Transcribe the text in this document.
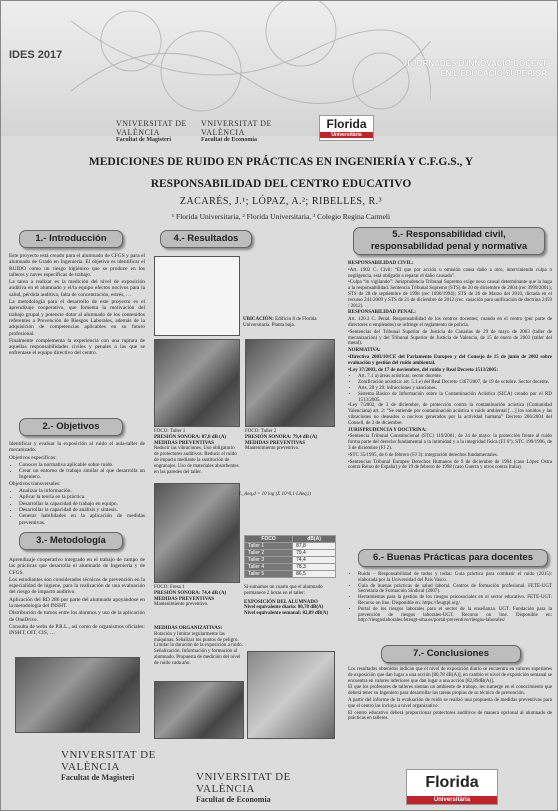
IDES 2017
VI JORNADES D'INNOVACIÓ DOCENT EN L'EDUCACIÓ SUPERIOR
VNIVERSITAT DE VALÈNCIA
Facultat de Magisteri
VNIVERSITAT DE VALÈNCIA
Facultat de Economia
Florida
Universitària
MEDICIONES DE RUIDO EN PRÁCTICAS EN INGENIERÍA Y C.F.G.S., Y RESPONSABILIDAD DEL CENTRO EDUCATIVO
ZACARÉS, J.¹; LÓPAZ, A.²; RIBELLES, R.³
¹ Florida Universitaria, ² Florida Universitaria, ³ Colegio Regina Carmeli
1.- Introducción

Este proyecto está creado para el alumnado de CFGS y para el alumnado de Grado en Ingeniería. El objetivo es identificar el RUIDO como un riesgo higiénico que se produce en los talleres y naves específicas de trabajo.

La tarea a realizar es la medición del nivel de exposición auditiva en el alumnado y el/la equipo efectos nocivos para la salud, pérdida auditiva, falta de concentración, estrés, …

La metodología para el desarrollo de este proyecto es el aprendizaje cooperativo, que fomenta la motivación del trabajo grupal y potencie dotar al alumnado de los contenidos referentes a Prevención de Riesgos Laborales, además de la adquisición de competencias aplicables en su futuro profesional.

Finalmente complementa la experiencia con una ruptura de aquellas responsabilidades civiles y penales a las que se enfrentase el equipo directivo del centro.

2.- Objetivos

Identificar y evaluar la exposición al ruido el aula-taller de mecanizado.

Objetivos específicos:

• Conocer la normativa aplicable sobre ruido.
• Crear un entorno de trabajo similar al que desarrolla un Ingeniero.

Objetivos transversales:

• Analizar la información.
• Aplicar la teoría en la práctica.
• Desarrollar la capacidad de trabajo en equipo.
• Desarrollar la capacidad de análisis y síntesis.
• Generar habilidades en la aplicación de medidas preventivas.
3.- Metodología

Aprendizaje cooperativo integrado en el trabajo de campo de las prácticas que desarrolla el alumnado de Ingeniería y de CFGS.

Los estudiantes son considerados técnicos de prevención en la especialidad de higiene, para la realización de una evaluación del riesgo de impacto auditivo.

Aplicación del RD 286 por parte del alumnado apoyándose en la metodología del INSHT.

Distribución de turnos entre los alumnos y uso de la aplicación de OneDrive.

Consulta de webs de P.R.L., así como de organismos oficiales: INSHT, OIT, CIS, …

4.- Resultados
UBICACIÓN: Edificio 8 de Florida Universitaria. Planta baja.
FOCO: Taller 1
PRESIÓN SONORA: 87,8 dB (A)
MEDIDAS PREVENTIVAS
Reducir las vibraciones. Uso obligatorio de protectores auditivos. Reducir el ruido de impacto mediante la sustitución de engranajes. Uso de materiales absorbentes en las paredes del taller.
FOCO: Taller 2
PRESIÓN SONORA: 79,4 dB (A)
MEDIDAS PREVENTIVAS
Mantenimiento preventivo.
FOCO	dB(A)
Taller 1	87,8
Taller 2	79,4
Taller 3	74,4
Taller 4	78,3
Taller 5	86,5
L_Aeq,d = 10 log (Σ 10^0,1·LAeq,i)
FOCO: Fresa 1
PRESIÓN SONORA: 74,4 dB (A)
MEDIDAS PREVENTIVAS
Mantenimiento preventivo.
Si sumamos un cuarto que el alumnado permanece 2 horas en el taller:
EXPOSICIÓN DEL ALUMNADO
Nivel equivalente diario: 80,78 dB(A)
Nivel equivalente semanal: 82,89 dB(A)
MEDIDAS ORGANIZATIVAS:
Rotación y limitar regularmente las máquinas. Señalizar los puntos de peligro. Limitar la duración de la exposición a ruido. Señalización. Información y formación al alumnado. Propuesta de medición del nivel de ruido cada año.
5.- Responsabilidad civil, responsabilidad penal y normativa

RESPONSABILIDAD CIVIL:

•Art. 1902 C. Civil: “El que por acción u omisión causa daño a otro, interviniendo culpa o negligencia, está obligado a reparar el daño causado”.

•Culpa “in vigilando”: Jurisprudencia Tribunal Supremo exige nexo causal determinante que la haga a la responsabilidad. Sentencia Tribunal Supremo (STS) de 20 de diciembre de 2004 (rec 3999/2001); STS de 28 de septiembre de 1998 (rec 1690/1994); STS de 26 de Marzo del 2010, dictada en el recurso 241/2009 y STS de 21 de diciembre de 2012 (rec. casación para unificación de doctrina 2459 / 2012).

RESPONSABILIDAD PENAL:

Art. 120.3 C. Penal. Responsabilidad de los centros docentes; cuando en el centro (por parte de directores o empleados) se infringe el reglamento de policía.

•Sentencias del Tribunal Superior de Justicia de Canarias de 29 de mayo de 2003 (taller de mecanización) y del Tribunal Superior de Justicia de Valencia, de 15 de enero de 2003 (taller del metal).

NORMATIVA:

•Directiva 2003/10/CE del Parlamento Europeo y del Consejo de 15 de junio de 2002 sobre evaluación y gestión del ruido ambiental.

•Ley 37/2003, de 17 de noviembre, del ruido y Real Decreto 1513/2005:

• Art. 7.1 a) áreas acústicas: sector docente.
• Zonificación acústica: art. 5.1.e) del Real Decreto 1367/2007, de 19 de octubre. Sector docente.
• Arts. 28 y 29: infracciones y sanciones.
• Sistema Básico de Información sobre la Contaminación Acústica (SICA) creado por el RD 1513/2005.

•Ley 7/2002, de 3 de diciembre, de protección contra la contaminación acústica (Comunidad Valenciana) art. 2: “Se entiende por contaminación acústica o ruido ambiental […] los sonidos y las vibraciones no deseados o nocivos generados por la actividad humana” Decreto 266/2004 del Consell, de 3 de diciembre.

JURISPRUDENCIA Y DOCTRINA:

•Sentencia Tribunal Constitucional (STC) 119/2001, de 24 de mayo: la protección frente al ruido forma parte del derecho fundamental a la intimidad y a la integridad física (FJ 6º); STC 199/1996, de 3 de diciembre (FJ 2).

•STC 35/1995, de 6 de febrero (FJ 3): integración derechos fundamentales.

•Sentencias Tribunal Europeo Derechos Humanos de 9 de diciembre de 1994 (caso López Ostra contra Reino de España) y de 19 de febrero de 1998 (caso Guerra y otros contra Italia).

6.- Buenas Prácticas para docentes
• Ruido – Responsabilidad de todos y todas: Guía práctica para combatir el ruido (2015): elaborada por la Universidad del País Vasco.
• Guía de buenas prácticas de salud laboral. Centros de formación profesional. FETE-UGT Secretaría de Formación Sindical (2007).
• Herramientas para la gestión de los riesgos psicosociales en el sector educativo. FETE-UGT. Recurso on line. Disponible en: https://feugtpl.org/.
• Portal de los riesgos laborales para el sector de la enseñanza. UGT. Fundación para la prevención de riesgos laborales-UGT. Recurso on line. Disponible en: http://riesgoslaborales.feteugt-sma.es/portal-preventivo/riesgos-laborales/
7.- Conclusiones

Los resultados obtenidos indican que el nivel de exposición diario se encuentra en valores superiores de exposición que dan lugar a una acción [80,78 dB(A)], en cambio el nivel de exposición semanal se encuentra en valores inferiores que dan lugar a una acción [82,89dB(A)].

El que los profesores de talleres sientan un ambiente de trabajo, les sumerge en el conocimiento que deberá tener su Ingeniero para desarrollar las tareas propias de su técnico de prevención.

A partir del informe de la evaluación de ruido se realizó una propuesta de medidas preventivas para que el centro las incluya a nivel organizativo.

El centro educativo deberá proporcionar protectores auditivos de manera opcional al alumnado de prácticas en talleres.

VNIVERSITAT DE VALÈNCIA
Facultat de Magisteri	VNIVERSITAT DE VALÈNCIA
Facultat de Economia
Florida
Universitària
